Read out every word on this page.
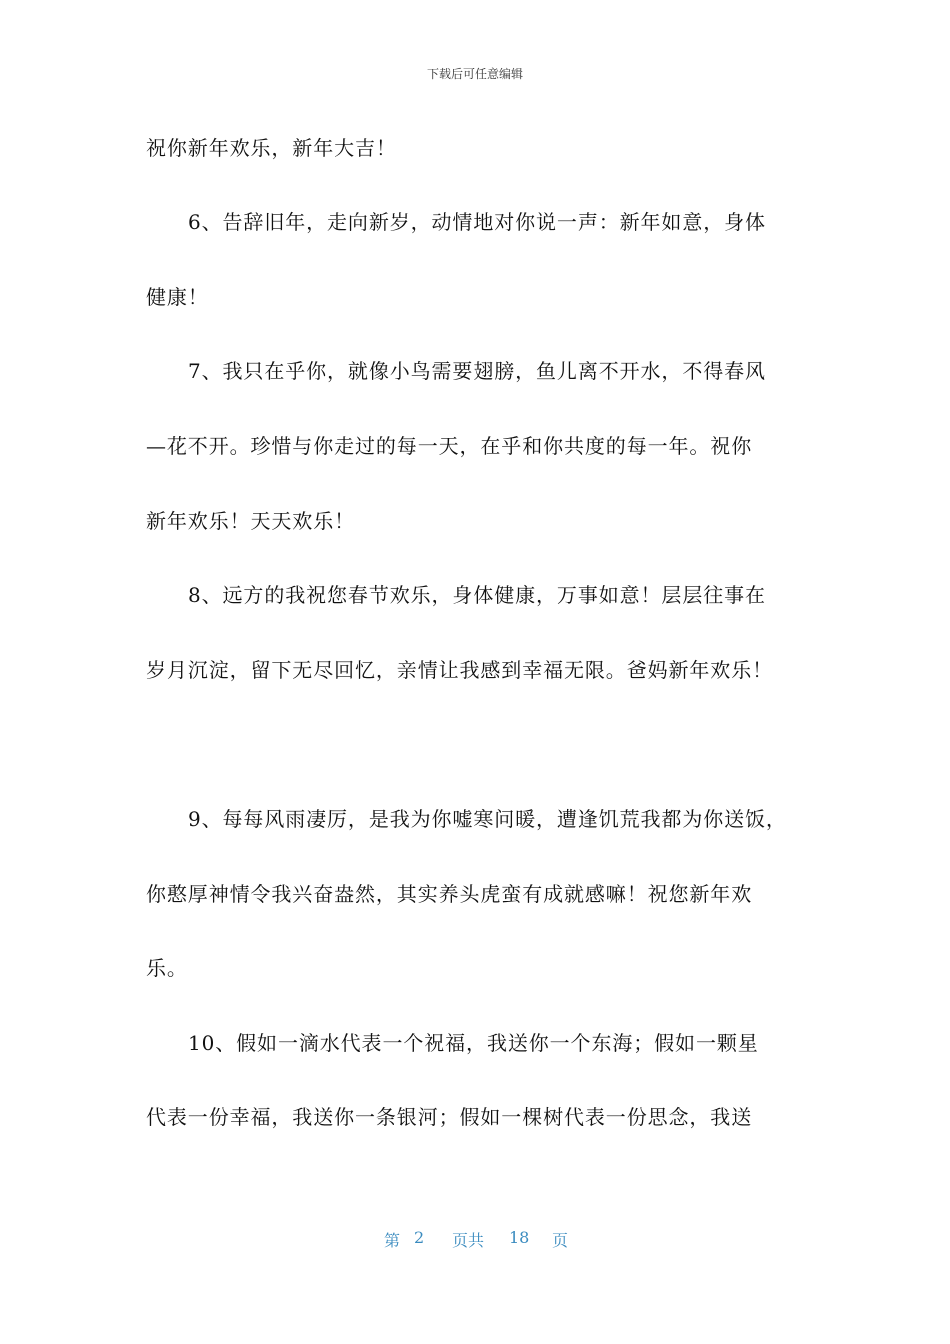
下载后可任意编辑
祝你新年欢乐，新年大吉！
6、告辞旧年，走向新岁，动情地对你说一声：新年如意，身体
健康！
7、我只在乎你，就像小鸟需要翅膀，鱼儿离不开水，不得春风
—花不开。珍惜与你走过的每一天，在乎和你共度的每一年。祝你
新年欢乐！天天欢乐！
8、远方的我祝您春节欢乐，身体健康，万事如意！层层往事在
岁月沉淀，留下无尽回忆，亲情让我感到幸福无限。爸妈新年欢乐！
9、每每风雨凄厉，是我为你嘘寒问暖，遭逢饥荒我都为你送饭，
你憨厚神情令我兴奋盎然，其实养头虎蛮有成就感嘛！祝您新年欢
乐。
10、假如一滴水代表一个祝福，我送你一个东海；假如一颗星
代表一份幸福，我送你一条银河；假如一棵树代表一份思念，我送
第 2 页共 18 页
